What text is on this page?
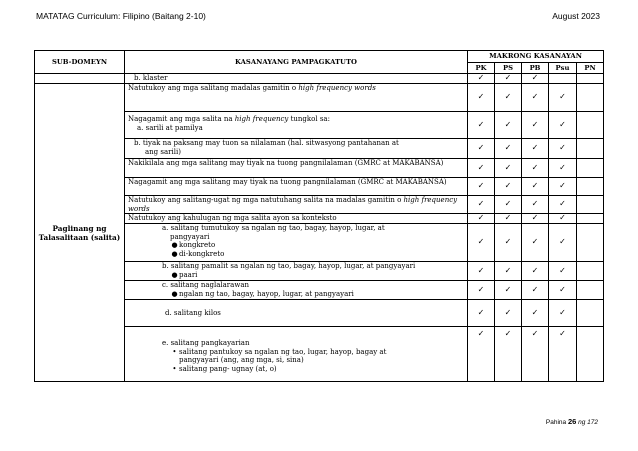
MATATAG Curriculum: Filipino (Baitang 2-10)	August 2023
SUB-DOMEYN	KASANAYANG PAMPAGKATUTO	MAKRONG KASANAYAN				
		PK	PS	PB	Psu	PN
	b. klaster	✓	✓	✓		
Paglinang ng Talasalitaan (salita)	Natutukoy ang mga salitang madalas gamitin o high frequency words	✓	✓	✓	✓	

	Nagagamit ang mga salita na high frequency tungkol sa:
a. sarili at pamilya	✓	✓	✓	✓	

	b. tiyak na paksang may tuon sa nilalaman (hal. sitwasyong pantahanan at
ang sarili)	✓	✓	✓	✓	
	Nakikilala ang mga salitang may tiyak na tuong pangnilalaman (GMRC at MAKABANSA)	✓	✓	✓	✓	
	Nagagamit ang mga salitang may tiyak na tuong pangnilalaman (GMRC at MAKABANSA)	✓	✓	✓	✓	
	Natutukoy ang salitang-ugat ng mga natutuhang salita na madalas gamitin o high frequency words	✓	✓	✓	✓	
	Natutukoy ang kahulugan ng mga salita ayon sa konteksto	✓	✓	✓	✓	

	a. salitang tumutukoy sa ngalan ng tao, bagay, hayop, lugar, at
pangyayari
●kongkreto
●di-kongkreto	✓	✓	✓	✓	

	b. salitang pamalit sa ngalan ng tao, bagay, hayop, lugar, at pangyayari
●paari	✓	✓	✓	✓	

	c. salitang naglalarawan
●ngalan ng tao, bagay, hayop, lugar, at pangyayari	✓	✓	✓	✓	

	d. salitang kilos	✓	✓	✓	✓	

	e. salitang pangkayarian
• salitang pantukoy sa ngalan ng tao, lugar, hayop, bagay at
pangyayari (ang, ang mga, si, sina)
• salitang pang- ugnay (at, o)	✓	✓	✓	✓	
Pahina 26 ng 172
